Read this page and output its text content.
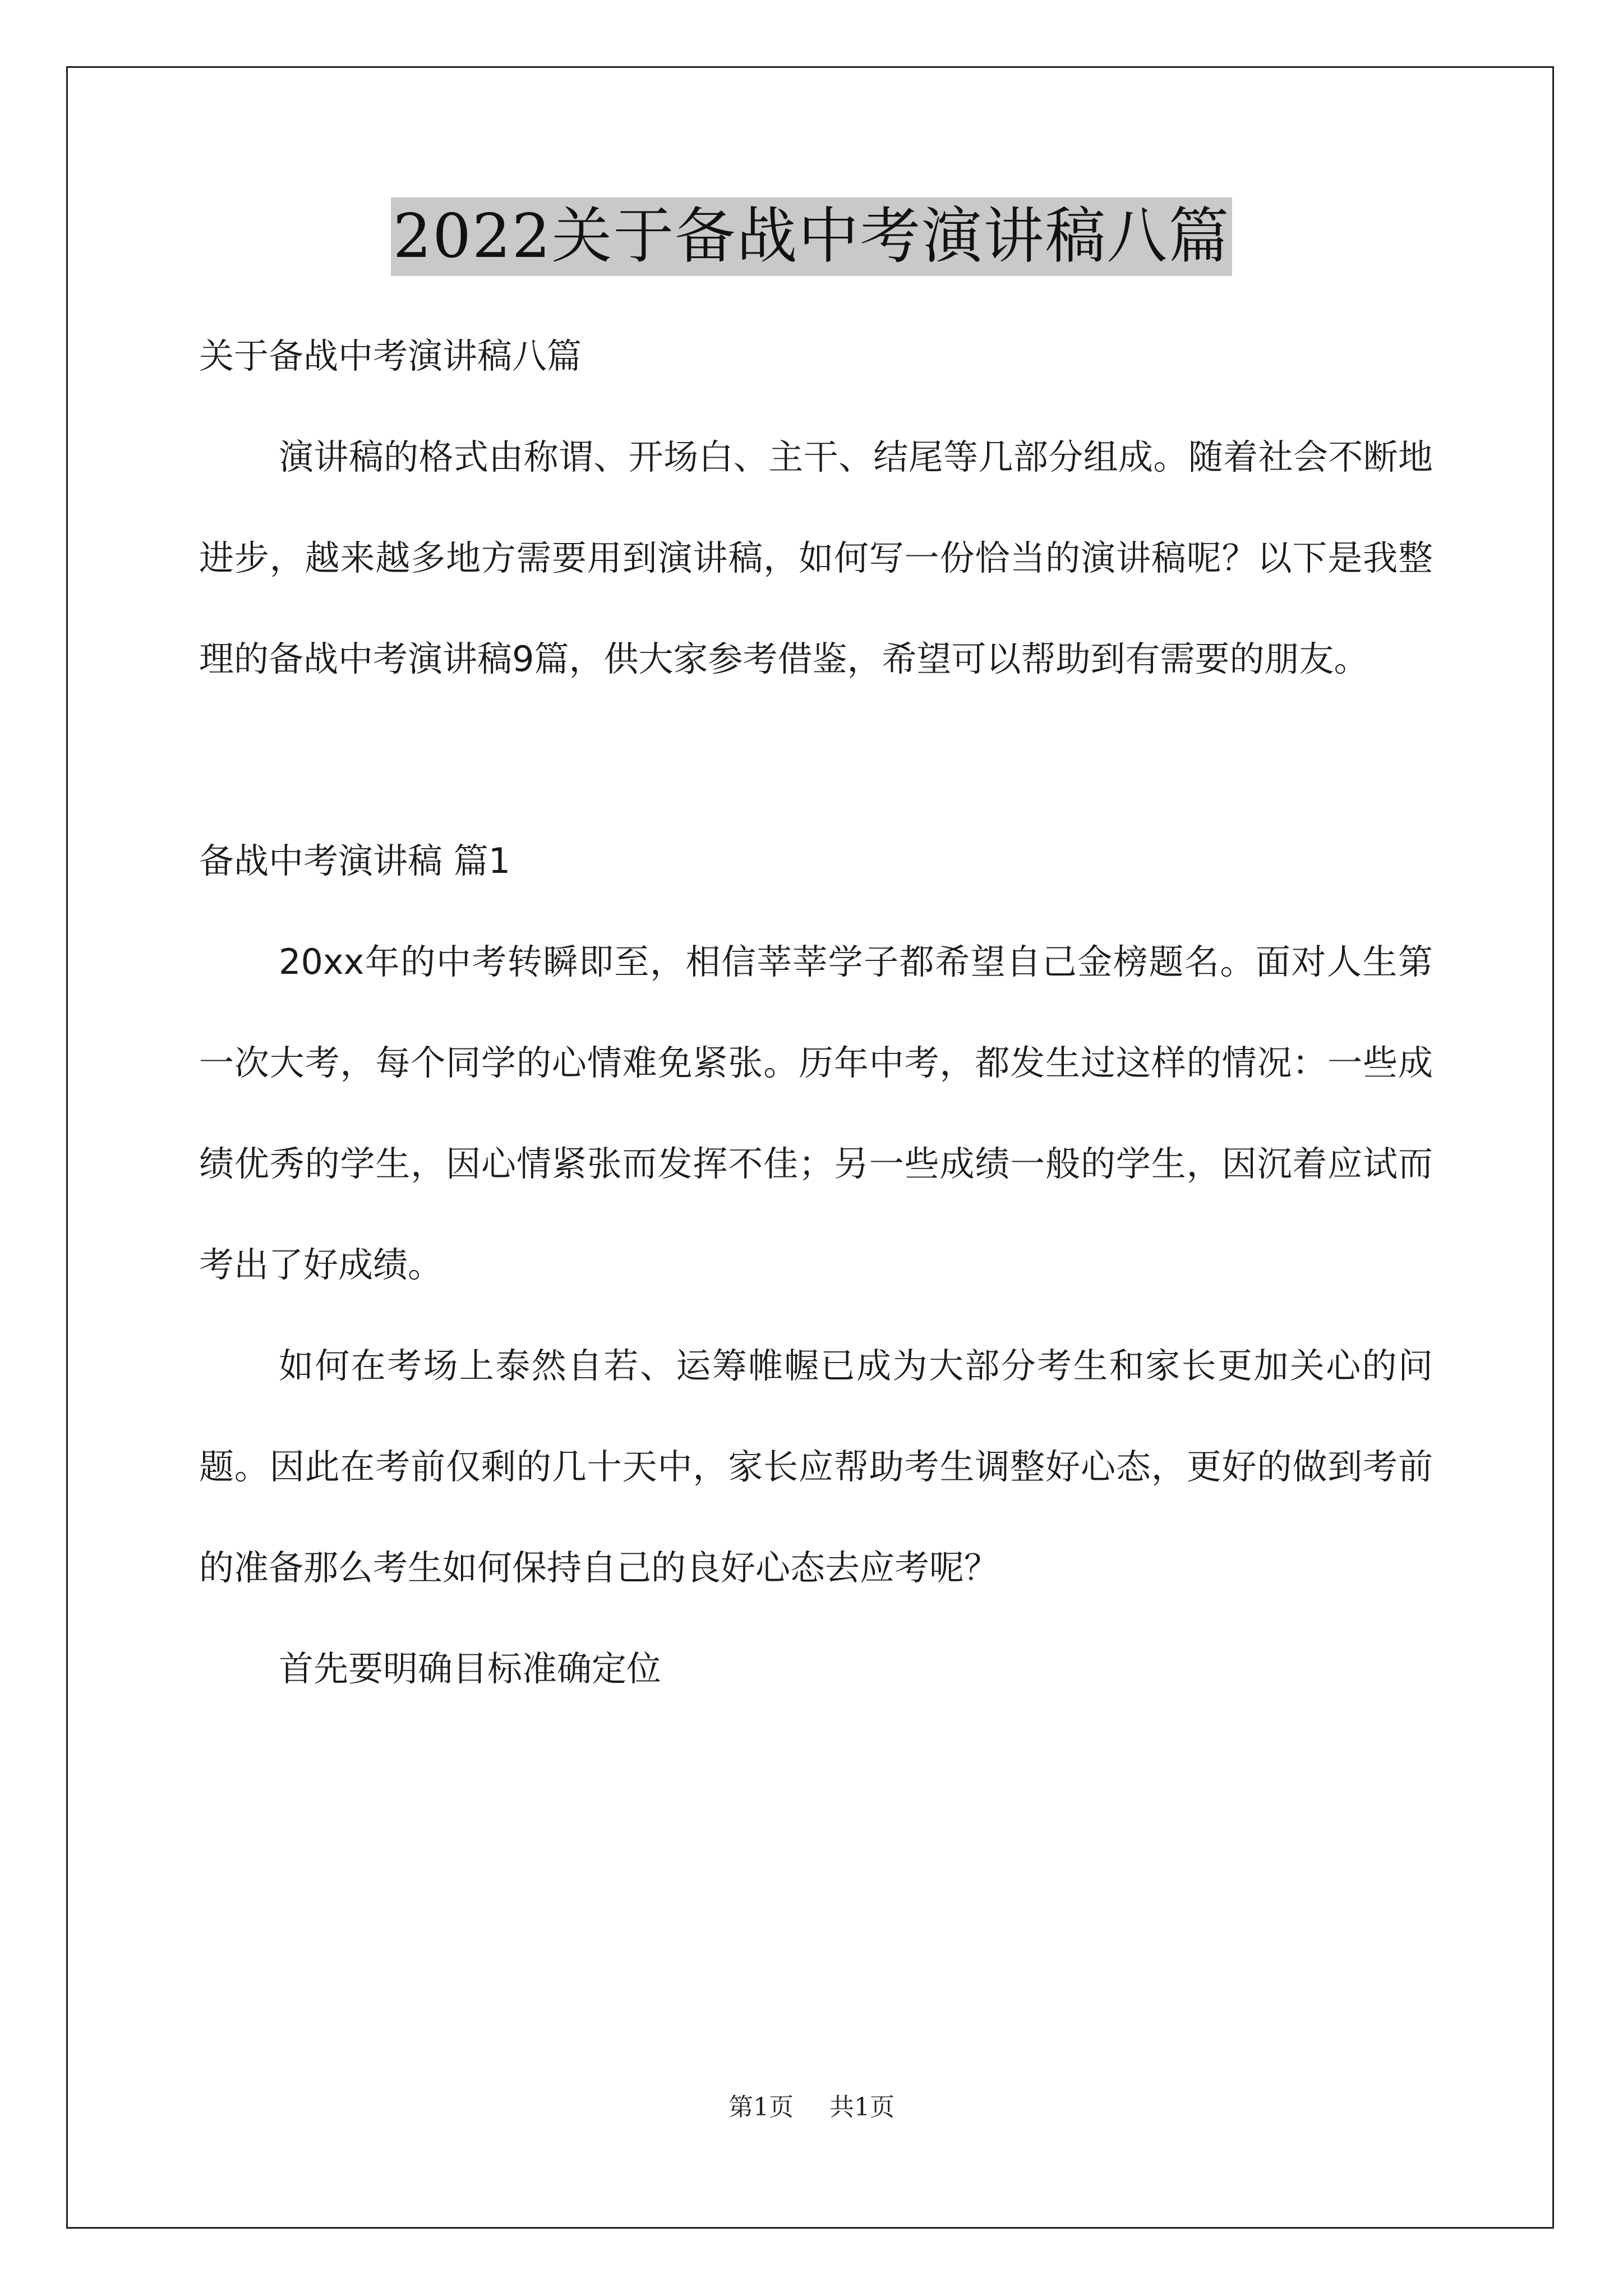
2022关于备战中考演讲稿八篇

关于备战中考演讲稿八篇

演讲稿的格式由称谓、开场白、主干、结尾等几部分组成。随着社会不断地进步，越来越多地方需要用到演讲稿，如何写一份恰当的演讲稿呢？以下是我整理的备战中考演讲稿9篇，供大家参考借鉴，希望可以帮助到有需要的朋友。

备战中考演讲稿 篇1

20xx年的中考转瞬即至，相信莘莘学子都希望自己金榜题名。面对人生第一次大考，每个同学的心情难免紧张。历年中考，都发生过这样的情况：一些成绩优秀的学生，因心情紧张而发挥不佳；另一些成绩一般的学生，因沉着应试而考出了好成绩。

如何在考场上泰然自若、运筹帷幄已成为大部分考生和家长更加关心的问题。因此在考前仅剩的几十天中，家长应帮助考生调整好心态，更好的做到考前的准备那么考生如何保持自己的良好心态去应考呢？

首先要明确目标准确定位

第1页 共1页
